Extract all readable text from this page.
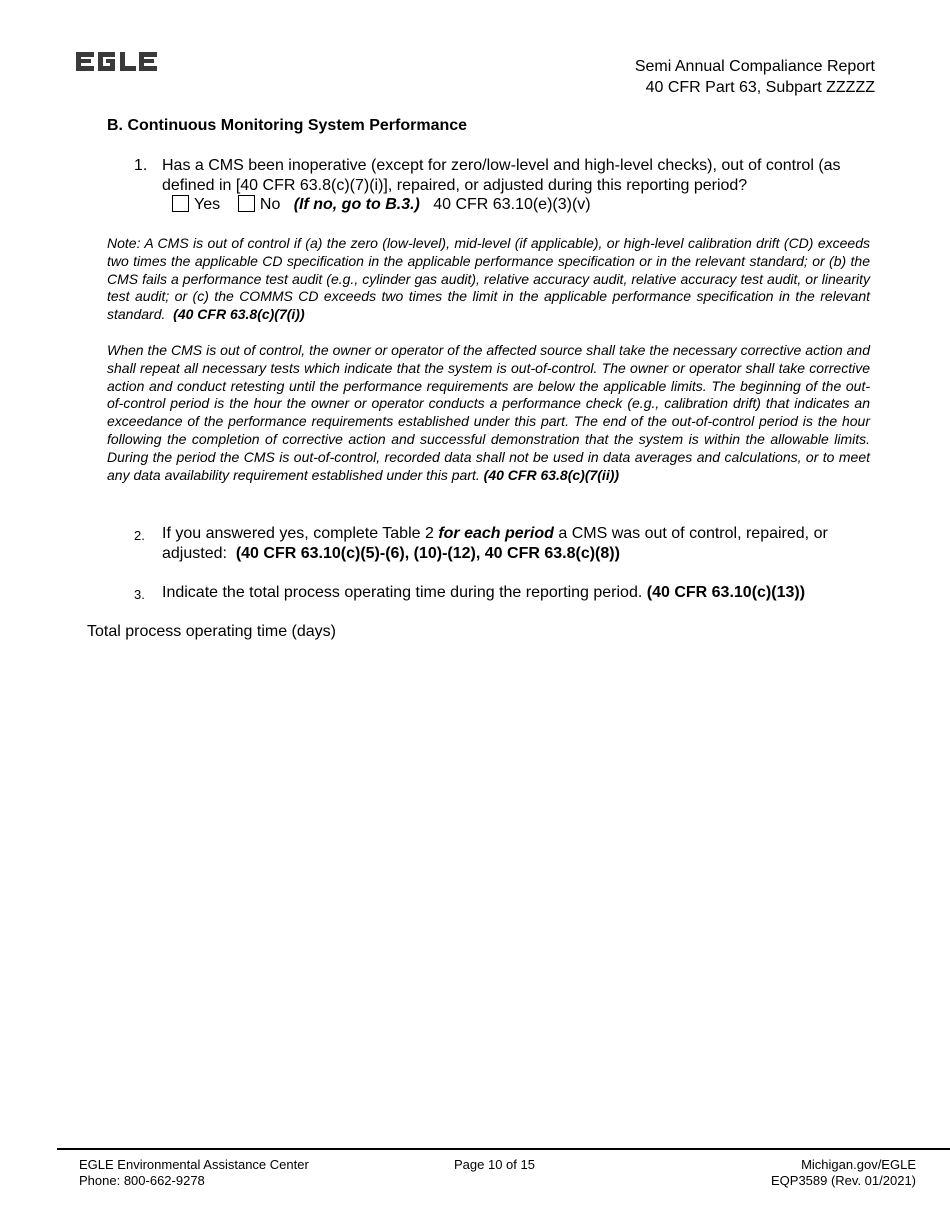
Semi Annual Compaliance Report
40 CFR Part 63, Subpart ZZZZZ
B. Continuous Monitoring System Performance
1. Has a CMS been inoperative (except for zero/low-level and high-level checks), out of control (as defined in [40 CFR 63.8(c)(7)(i)], repaired, or adjusted during this reporting period?
Yes No (If no, go to B.3.) 40 CFR 63.10(e)(3)(v)
Note: A CMS is out of control if (a) the zero (low-level), mid-level (if applicable), or high-level calibration drift (CD) exceeds two times the applicable CD specification in the applicable performance specification or in the relevant standard; or (b) the CMS fails a performance test audit (e.g., cylinder gas audit), relative accuracy audit, relative accuracy test audit, or linearity test audit; or (c) the COMMS CD exceeds two times the limit in the applicable performance specification in the relevant standard. (40 CFR 63.8(c)(7(i))
When the CMS is out of control, the owner or operator of the affected source shall take the necessary corrective action and shall repeat all necessary tests which indicate that the system is out-of-control. The owner or operator shall take corrective action and conduct retesting until the performance requirements are below the applicable limits. The beginning of the out-of-control period is the hour the owner or operator conducts a performance check (e.g., calibration drift) that indicates an exceedance of the performance requirements established under this part. The end of the out-of-control period is the hour following the completion of corrective action and successful demonstration that the system is within the allowable limits. During the period the CMS is out-of-control, recorded data shall not be used in data averages and calculations, or to meet any data availability requirement established under this part. (40 CFR 63.8(c)(7(ii))
2. If you answered yes, complete Table 2 for each period a CMS was out of control, repaired, or adjusted: (40 CFR 63.10(c)(5)-(6), (10)-(12), 40 CFR 63.8(c)(8))
3. Indicate the total process operating time during the reporting period. (40 CFR 63.10(c)(13))
Total process operating time (days)
EGLE Environmental Assistance Center
Phone: 800-662-9278
Page 10 of 15	Michigan.gov/EGLE
EQP3589 (Rev. 01/2021)
